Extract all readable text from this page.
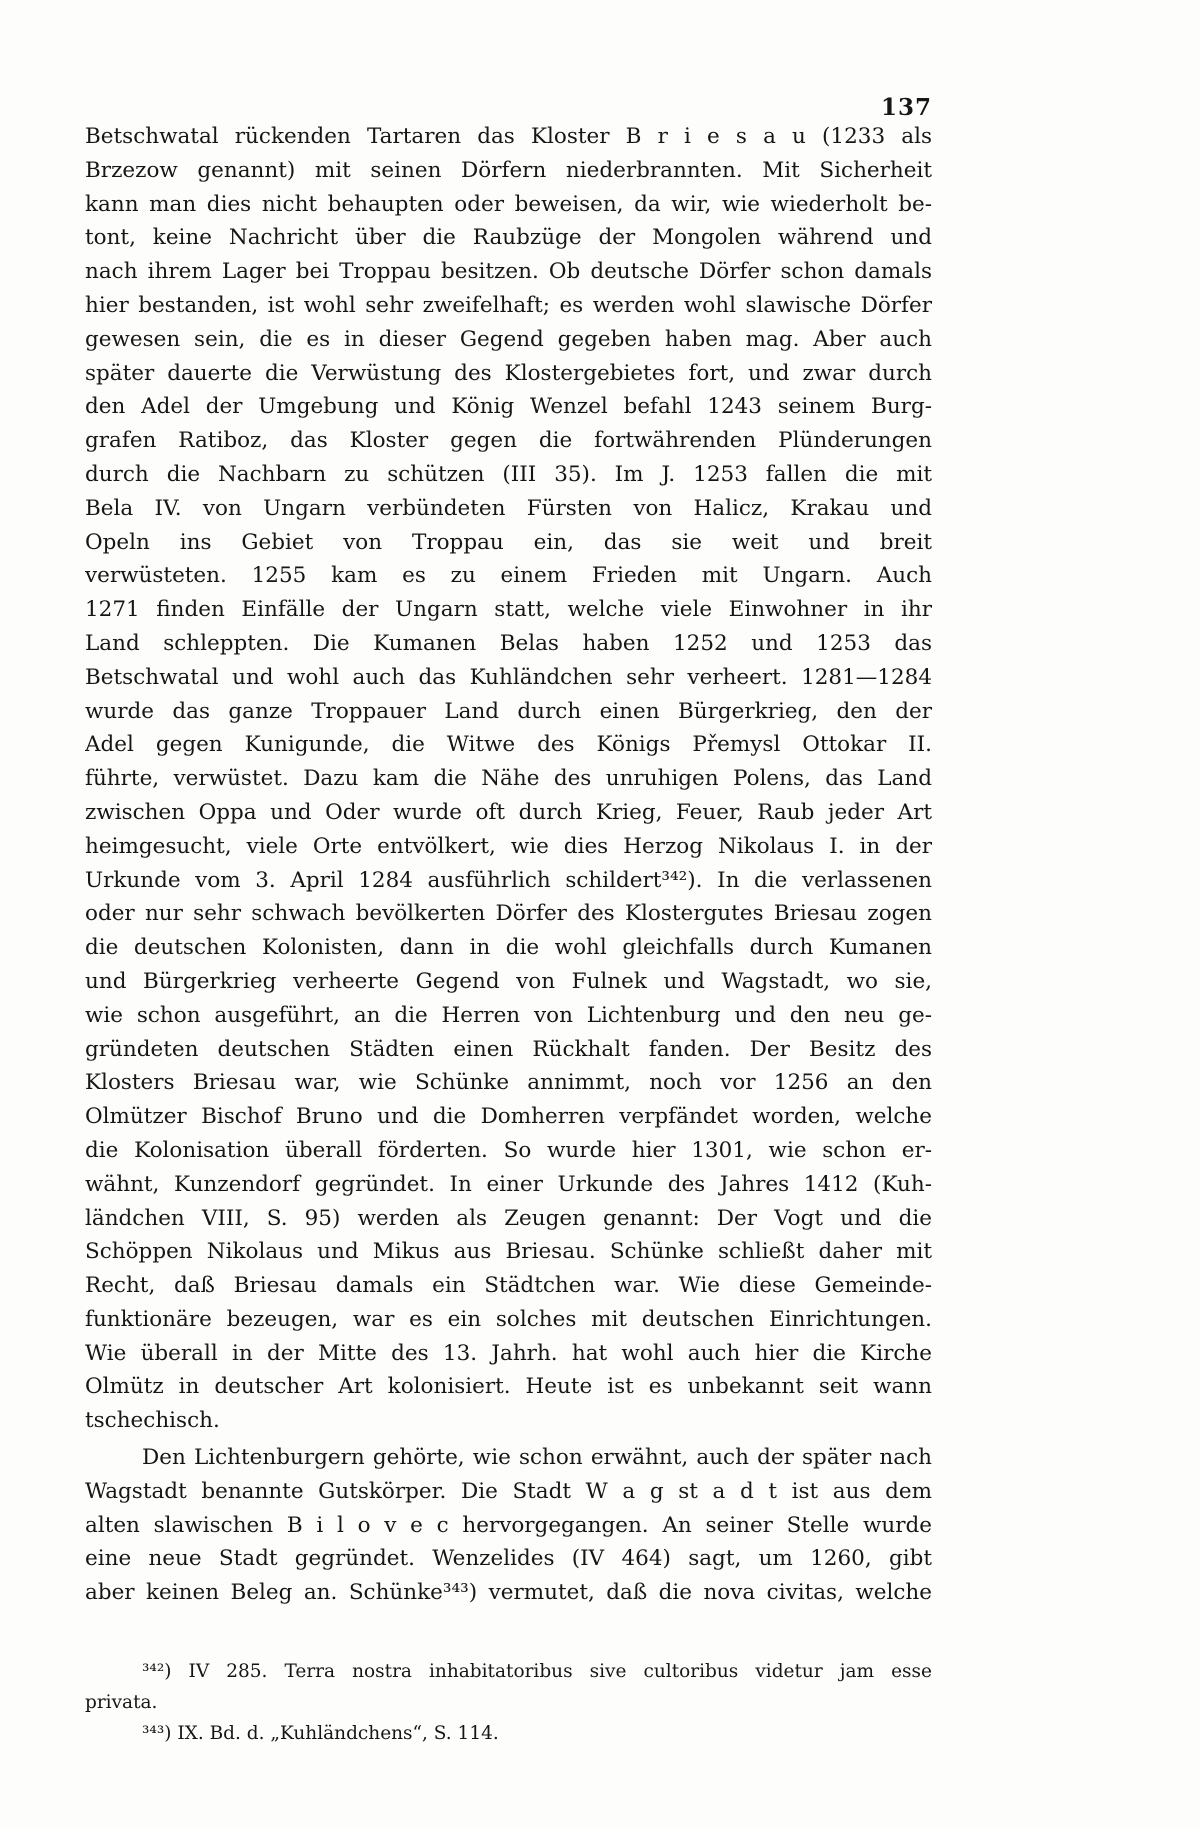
137
Betschwatal rückenden Tartaren das Kloster B r i e s a u (1233 als
Brzezow genannt) mit seinen Dörfern niederbrannten. Mit Sicherheit
kann man dies nicht behaupten oder beweisen, da wir, wie wiederholt be-
tont, keine Nachricht über die Raubzüge der Mongolen während und
nach ihrem Lager bei Troppau besitzen. Ob deutsche Dörfer schon damals
hier bestanden, ist wohl sehr zweifelhaft; es werden wohl slawische Dörfer
gewesen sein, die es in dieser Gegend gegeben haben mag. Aber auch
später dauerte die Verwüstung des Klostergebietes fort, und zwar durch
den Adel der Umgebung und König Wenzel befahl 1243 seinem Burg-
grafen Ratiboz, das Kloster gegen die fortwährenden Plünderungen
durch die Nachbarn zu schützen (III 35). Im J. 1253 fallen die mit
Bela IV. von Ungarn verbündeten Fürsten von Halicz, Krakau und
Opeln ins Gebiet von Troppau ein, das sie weit und breit
verwüsteten. 1255 kam es zu einem Frieden mit Ungarn. Auch
1271 finden Einfälle der Ungarn statt, welche viele Einwohner in ihr
Land schleppten. Die Kumanen Belas haben 1252 und 1253 das
Betschwatal und wohl auch das Kuhländchen sehr verheert. 1281—1284
wurde das ganze Troppauer Land durch einen Bürgerkrieg, den der
Adel gegen Kunigunde, die Witwe des Königs Přemysl Ottokar II.
führte, verwüstet. Dazu kam die Nähe des unruhigen Polens, das Land
zwischen Oppa und Oder wurde oft durch Krieg, Feuer, Raub jeder Art
heimgesucht, viele Orte entvölkert, wie dies Herzog Nikolaus I. in der
Urkunde vom 3. April 1284 ausführlich schildert³⁴²). In die verlassenen
oder nur sehr schwach bevölkerten Dörfer des Klostergutes Briesau zogen
die deutschen Kolonisten, dann in die wohl gleichfalls durch Kumanen
und Bürgerkrieg verheerte Gegend von Fulnek und Wagstadt, wo sie,
wie schon ausgeführt, an die Herren von Lichtenburg und den neu ge-
gründeten deutschen Städten einen Rückhalt fanden. Der Besitz des
Klosters Briesau war, wie Schünke annimmt, noch vor 1256 an den
Olmützer Bischof Bruno und die Domherren verpfändet worden, welche
die Kolonisation überall förderten. So wurde hier 1301, wie schon er-
wähnt, Kunzendorf gegründet. In einer Urkunde des Jahres 1412 (Kuh-
ländchen VIII, S. 95) werden als Zeugen genannt: Der Vogt und die
Schöppen Nikolaus und Mikus aus Briesau. Schünke schließt daher mit
Recht, daß Briesau damals ein Städtchen war. Wie diese Gemeinde-
funktionäre bezeugen, war es ein solches mit deutschen Einrichtungen.
Wie überall in der Mitte des 13. Jahrh. hat wohl auch hier die Kirche
Olmütz in deutscher Art kolonisiert. Heute ist es unbekannt seit wann
tschechisch.
Den Lichtenburgern gehörte, wie schon erwähnt, auch der später nach
Wagstadt benannte Gutskörper. Die Stadt W a g st a d t ist aus dem
alten slawischen B i l o v e c hervorgegangen. An seiner Stelle wurde
eine neue Stadt gegründet. Wenzelides (IV 464) sagt, um 1260, gibt
aber keinen Beleg an. Schünke³⁴³) vermutet, daß die nova civitas, welche
³⁴²) IV 285. Terra nostra inhabitatoribus sive cultoribus videtur jam esse
privata.
³⁴³) IX. Bd. d. „Kuhländchens“, S. 114.
